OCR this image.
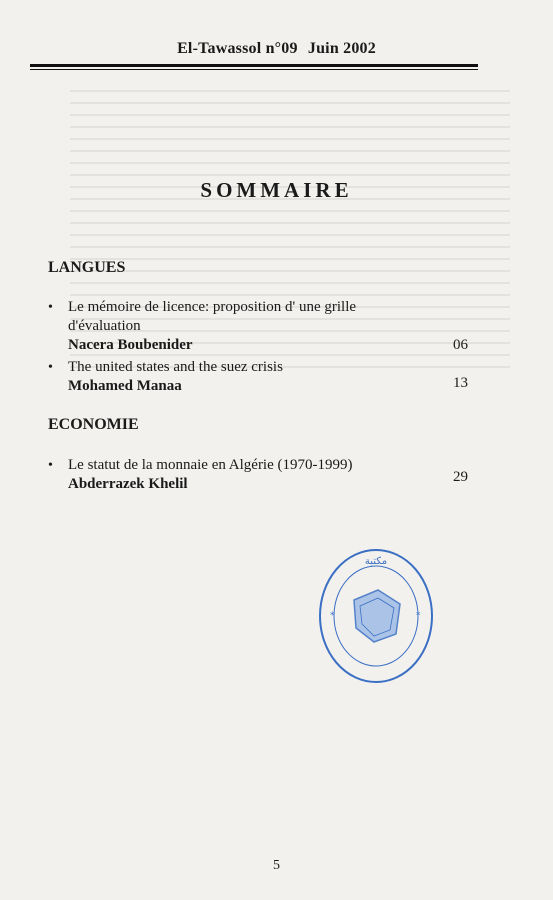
El-Tawassol n°09 Juin 2002
SOMMAIRE
LANGUES
• Le mémoire de licence: proposition d' une grille
d'évaluation
Nacera Boubenider	06
• The united states and the suez crisis
Mohamed Manaa	13
ECONOMIE
• Le statut de la monnaie en Algérie (1970-1999)
Abderrazek Khelil	29
مكتبة
*	*
5
